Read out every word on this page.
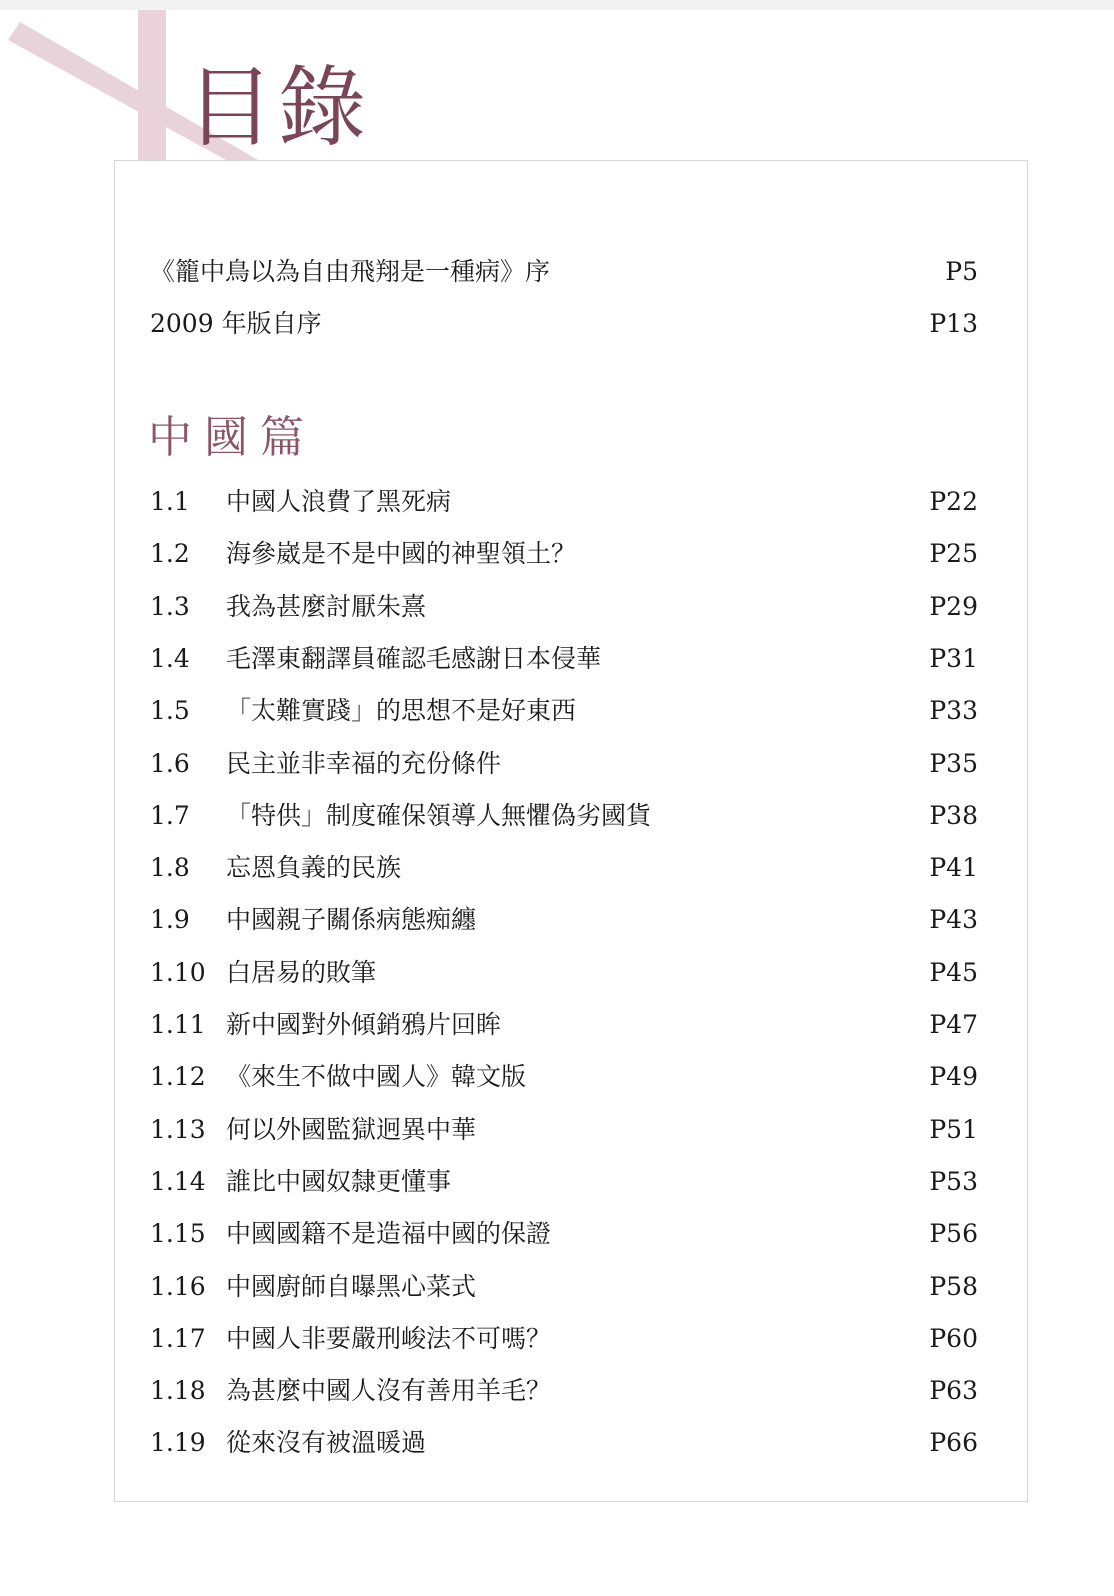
目錄
《籠中鳥以為自由飛翔是一種病》序	P5
2009 年版自序	P13
中國篇
1.1 中國人浪費了黑死病	P22
1.2 海參崴是不是中國的神聖領土？	P25
1.3 我為甚麼討厭朱熹	P29
1.4 毛澤東翻譯員確認毛感謝日本侵華	P31
1.5 「太難實踐」的思想不是好東西	P33
1.6 民主並非幸福的充份條件	P35
1.7 「特供」制度確保領導人無懼偽劣國貨	P38
1.8 忘恩負義的民族	P41
1.9 中國親子關係病態痴纏	P43
1.10 白居易的敗筆	P45
1.11 新中國對外傾銷鴉片回眸	P47
1.12 《來生不做中國人》韓文版	P49
1.13 何以外國監獄迥異中華	P51
1.14 誰比中國奴隸更懂事	P53
1.15 中國國籍不是造福中國的保證	P56
1.16 中國廚師自曝黑心菜式	P58
1.17 中國人非要嚴刑峻法不可嗎？	P60
1.18 為甚麼中國人沒有善用羊毛？	P63
1.19 從來沒有被溫暖過	P66
